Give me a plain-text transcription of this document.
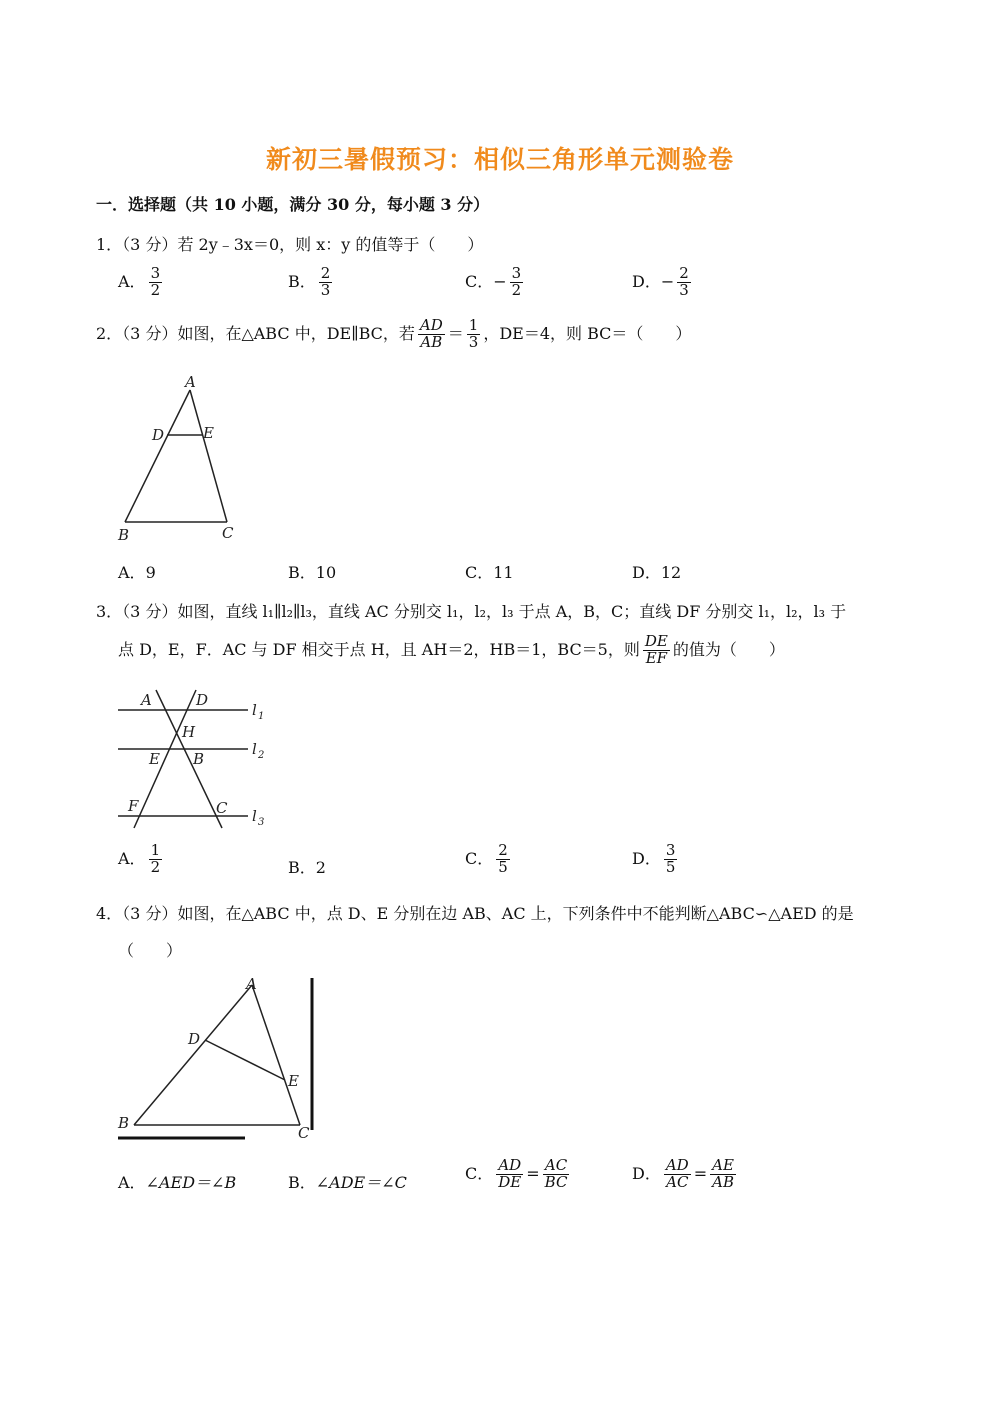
新初三暑假预习：相似三角形单元测验卷
一．选择题（共 10 小题，满分 30 分，每小题 3 分）
1．（3 分）若 2y﹣3x＝0，则 x：y 的值等于（　　）
A． $\frac{3}{2}$	B． $\frac{2}{3}$	C．− $\frac{3}{2}$	D．− $\frac{2}{3}$
2．（3 分）如图，在△ABC 中，DE∥BC，若 $\frac{AD}{AB} = \frac{1}{3}$ ，DE＝4，则 BC＝（　　）
A
D	E
B	C
A．9	B．10	C．11	D．12
3．（3 分）如图，直线 l₁∥l₂∥l₃，直线 AC 分别交 l₁，l₂，l₃ 于点 A，B，C；直线 DF 分别交 l₁，l₂，l₃ 于
点 D，E，F．AC 与 DF 相交于点 H，且 AH＝2，HB＝1，BC＝5，则 $\frac{DE}{EF}$ 的值为（　　）
A	D
H
E B
F	C
l 1
l 2
l 3
A． $\frac{1}{2}$	B．2	C． $\frac{2}{5}$	D． $\frac{3}{5}$
4．（3 分）如图，在△ABC 中，点 D、E 分别在边 AB、AC 上，下列条件中不能判断△ABC∽△AED 的是
（　　）
A
D
E
B
C
A．∠AED＝∠B	B．∠ADE＝∠C	C． $\frac{AD}{DE} = \frac{AC}{BC}$	D． $\frac{AD}{AC} = \frac{AE}{AB}$
